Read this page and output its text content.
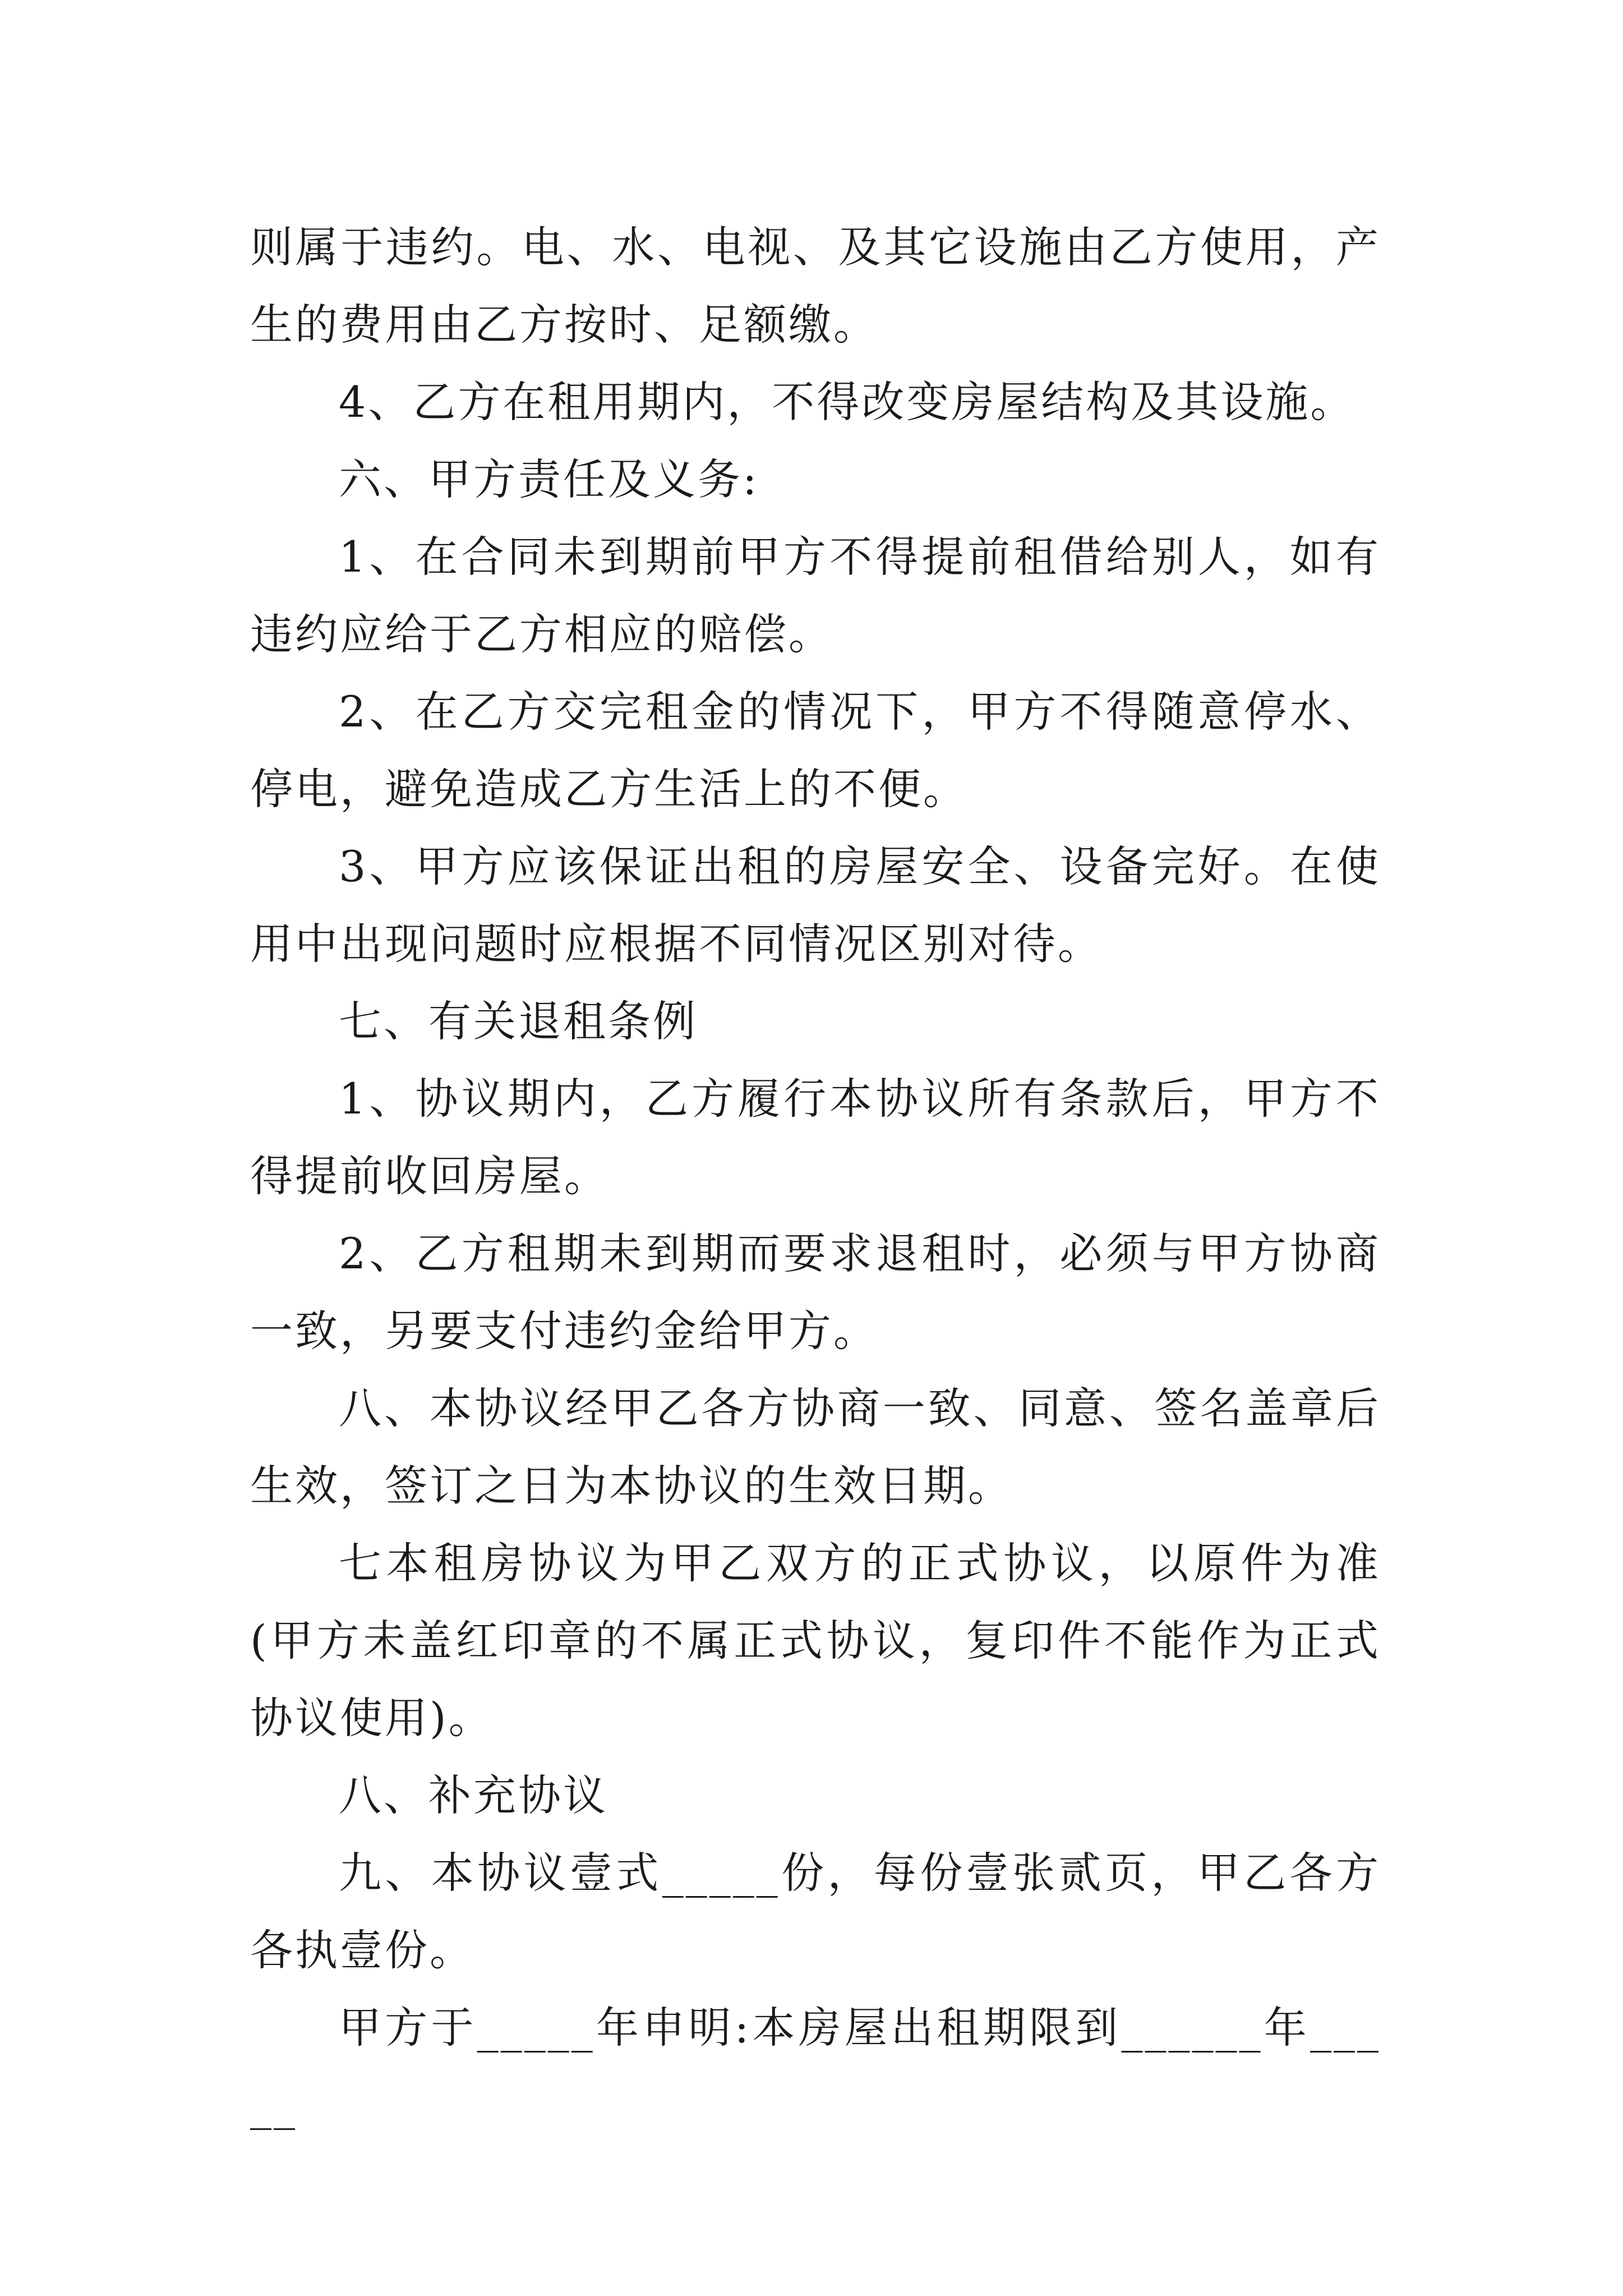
则属于违约。电、水、电视、及其它设施由乙方使用，产生的费用由乙方按时、足额缴。

4、乙方在租用期内，不得改变房屋结构及其设施。

六、甲方责任及义务:

1、在合同未到期前甲方不得提前租借给别人，如有违约应给于乙方相应的赔偿。

2、在乙方交完租金的情况下，甲方不得随意停水、停电，避免造成乙方生活上的不便。

3、甲方应该保证出租的房屋安全、设备完好。在使用中出现问题时应根据不同情况区别对待。

七、有关退租条例

1、协议期内，乙方履行本协议所有条款后，甲方不得提前收回房屋。

2、乙方租期未到期而要求退租时，必须与甲方协商一致，另要支付违约金给甲方。

八、本协议经甲乙各方协商一致、同意、签名盖章后生效，签订之日为本协议的生效日期。

七本租房协议为甲乙双方的正式协议，以原件为准(甲方未盖红印章的不属正式协议，复印件不能作为正式协议使用)。

八、补充协议

九、本协议壹式_____份，每份壹张贰页，甲乙各方各执壹份。

甲方于_____年申明:本房屋出租期限到______年_____
